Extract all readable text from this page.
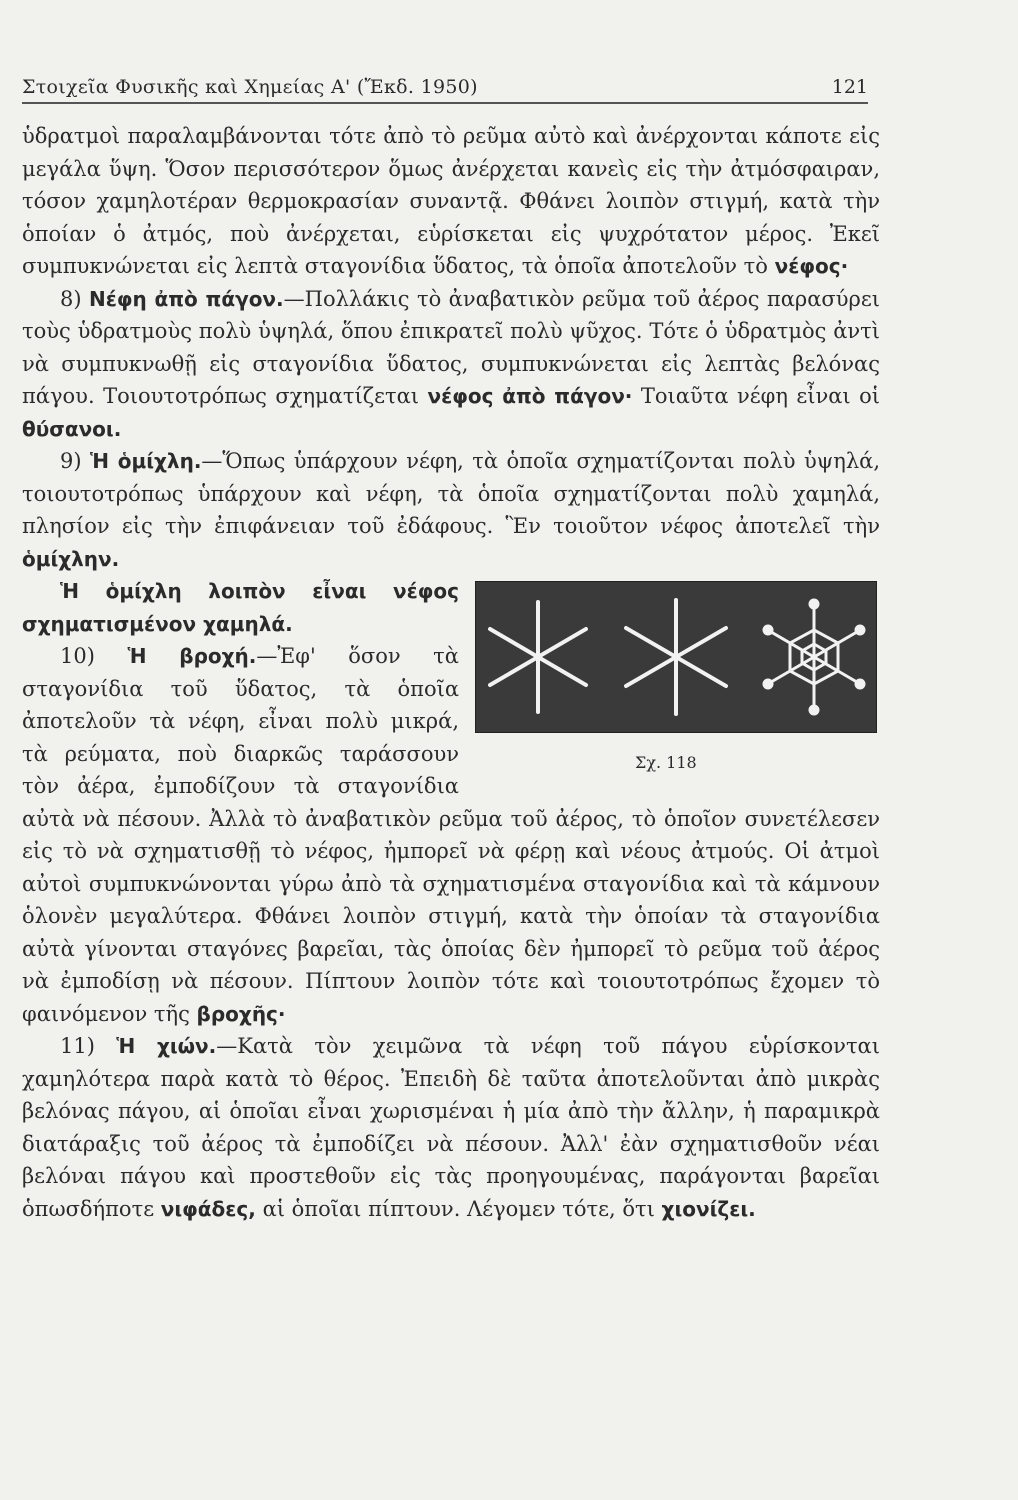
Στοιχεῖα Φυσικῆς καὶ Χημείας Α' (Ἔκδ. 1950)	121

ὑδρατμοὶ παραλαμβάνονται τότε ἀπὸ τὸ ρεῦμα αὐτὸ καὶ ἀνέρχονται κάποτε εἰς μεγάλα ὕψη. Ὅσον περισσότερον ὅμως ἀνέρχεται κανεὶς εἰς τὴν ἀτμόσφαιραν, τόσον χαμηλοτέραν θερμοκρασίαν συναντᾷ. Φθάνει λοιπὸν στιγμή, κατὰ τὴν ὁποίαν ὁ ἀτμός, ποὺ ἀνέρχεται, εὑρίσκεται εἰς ψυχρότατον μέρος. Ἐκεῖ συμπυκνώνεται εἰς λεπτὰ σταγονίδια ὕδατος, τὰ ὁποῖα ἀποτελοῦν τὸ νέφος·

8) Νέφη ἀπὸ πάγον.—Πολλάκις τὸ ἀναβατικὸν ρεῦμα τοῦ ἀέρος παρασύρει τοὺς ὑδρατμοὺς πολὺ ὑψηλά, ὅπου ἐπικρατεῖ πολὺ ψῦχος. Τότε ὁ ὑδρατμὸς ἀντὶ νὰ συμπυκνωθῇ εἰς σταγονίδια ὕδατος, συμπυκνώνεται εἰς λεπτὰς βελόνας πάγου. Τοιουτοτρόπως σχηματίζεται νέφος ἀπὸ πάγον· Τοιαῦτα νέφη εἶναι οἱ θύσανοι.

9) Ἡ ὁμίχλη.—Ὅπως ὑπάρχουν νέφη, τὰ ὁποῖα σχηματίζονται πολὺ ὑψηλά, τοιουτοτρόπως ὑπάρχουν καὶ νέφη, τὰ ὁποῖα σχηματίζονται πολὺ χαμηλά, πλησίον εἰς τὴν ἐπιφάνειαν τοῦ ἐδάφους. Ἓν τοιοῦτον νέφος ἀποτελεῖ τὴν ὁμίχλην.

Σχ. 118

Ἡ ὁμίχλη λοιπὸν εἶναι νέφος σχηματισμένον χαμηλά.

10) Ἡ βροχή.—Ἐφ' ὅσον τὰ σταγονίδια τοῦ ὕδατος, τὰ ὁποῖα ἀποτελοῦν τὰ νέφη, εἶναι πολὺ μικρά, τὰ ρεύματα, ποὺ διαρκῶς ταράσσουν τὸν ἀέρα, ἐμποδίζουν τὰ σταγονίδια αὐτὰ νὰ πέσουν. Ἀλλὰ τὸ ἀναβατικὸν ρεῦμα τοῦ ἀέρος, τὸ ὁποῖον συνετέλεσεν εἰς τὸ νὰ σχηματισθῇ τὸ νέφος, ἠμπορεῖ νὰ φέρῃ καὶ νέους ἀτμούς. Οἱ ἀτμοὶ αὐτοὶ συμπυκνώνονται γύρω ἀπὸ τὰ σχηματισμένα σταγονίδια καὶ τὰ κάμνουν ὁλονὲν μεγαλύτερα. Φθάνει λοιπὸν στιγμή, κατὰ τὴν ὁποίαν τὰ σταγονίδια αὐτὰ γίνονται σταγόνες βαρεῖαι, τὰς ὁποίας δὲν ἠμπορεῖ τὸ ρεῦμα τοῦ ἀέρος νὰ ἐμποδίσῃ νὰ πέσουν. Πίπτουν λοιπὸν τότε καὶ τοιουτοτρόπως ἔχομεν τὸ φαινόμενον τῆς βροχῆς·

11) Ἡ χιών.—Κατὰ τὸν χειμῶνα τὰ νέφη τοῦ πάγου εὑρίσκονται χαμηλότερα παρὰ κατὰ τὸ θέρος. Ἐπειδὴ δὲ ταῦτα ἀποτελοῦνται ἀπὸ μικρὰς βελόνας πάγου, αἱ ὁποῖαι εἶναι χωρισμέναι ἡ μία ἀπὸ τὴν ἄλλην, ἡ παραμικρὰ διατάραξις τοῦ ἀέρος τὰ ἐμποδίζει νὰ πέσουν. Ἀλλ' ἐὰν σχηματισθοῦν νέαι βελόναι πάγου καὶ προστεθοῦν εἰς τὰς προηγουμένας, παράγονται βαρεῖαι ὁπωσδήποτε νιφάδες, αἱ ὁποῖαι πίπτουν. Λέγομεν τότε, ὅτι χιονίζει.
